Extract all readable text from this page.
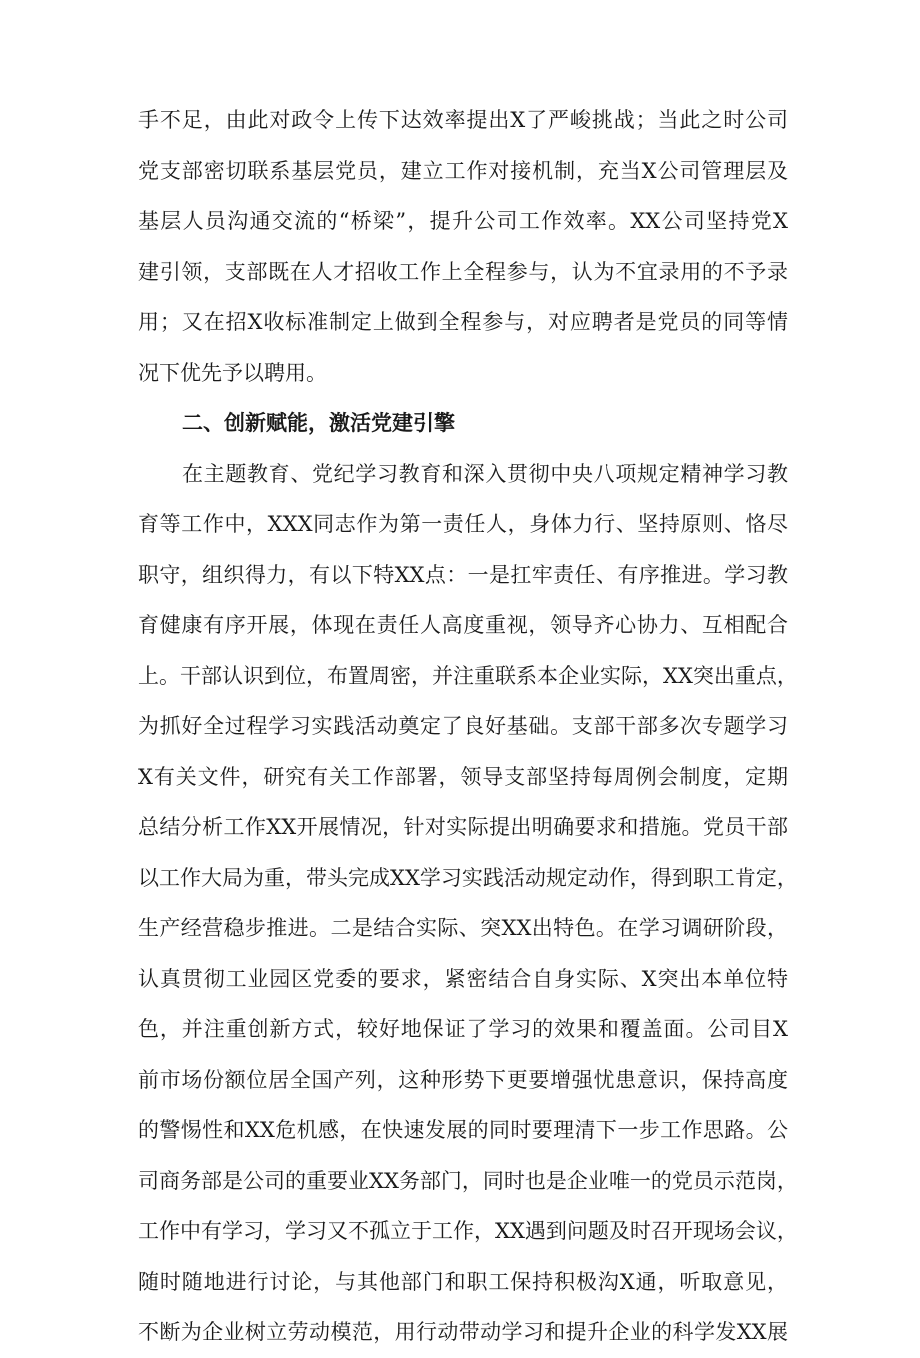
手不足，由此对政令上传下达效率提出X了严峻挑战；当此之时公司
党支部密切联系基层党员，建立工作对接机制，充当X公司管理层及
基层人员沟通交流的“桥梁”，提升公司工作效率。XX公司坚持党X
建引领，支部既在人才招收工作上全程参与，认为不宜录用的不予录
用；又在招X收标准制定上做到全程参与，对应聘者是党员的同等情
况下优先予以聘用。
二、创新赋能，激活党建引擎
在主题教育、党纪学习教育和深入贯彻中央八项规定精神学习教
育等工作中，XXX同志作为第一责任人，身体力行、坚持原则、恪尽
职守，组织得力，有以下特XX点：一是扛牢责任、有序推进。学习教
育健康有序开展，体现在责任人高度重视，领导齐心协力、互相配合
上。干部认识到位，布置周密，并注重联系本企业实际，XX突出重点，
为抓好全过程学习实践活动奠定了良好基础。支部干部多次专题学习
X有关文件，研究有关工作部署，领导支部坚持每周例会制度，定期
总结分析工作XX开展情况，针对实际提出明确要求和措施。党员干部
以工作大局为重，带头完成XX学习实践活动规定动作，得到职工肯定，
生产经营稳步推进。二是结合实际、突XX出特色。在学习调研阶段，
认真贯彻工业园区党委的要求，紧密结合自身实际、X突出本单位特
色，并注重创新方式，较好地保证了学习的效果和覆盖面。公司目X
前市场份额位居全国产列，这种形势下更要增强忧患意识，保持高度
的警惕性和XX危机感，在快速发展的同时要理清下一步工作思路。公
司商务部是公司的重要业XX务部门，同时也是企业唯一的党员示范岗，
工作中有学习，学习又不孤立于工作，XX遇到问题及时召开现场会议，
随时随地进行讨论，与其他部门和职工保持积极沟X通，听取意见，
不断为企业树立劳动模范，用行动带动学习和提升企业的科学发XX展
